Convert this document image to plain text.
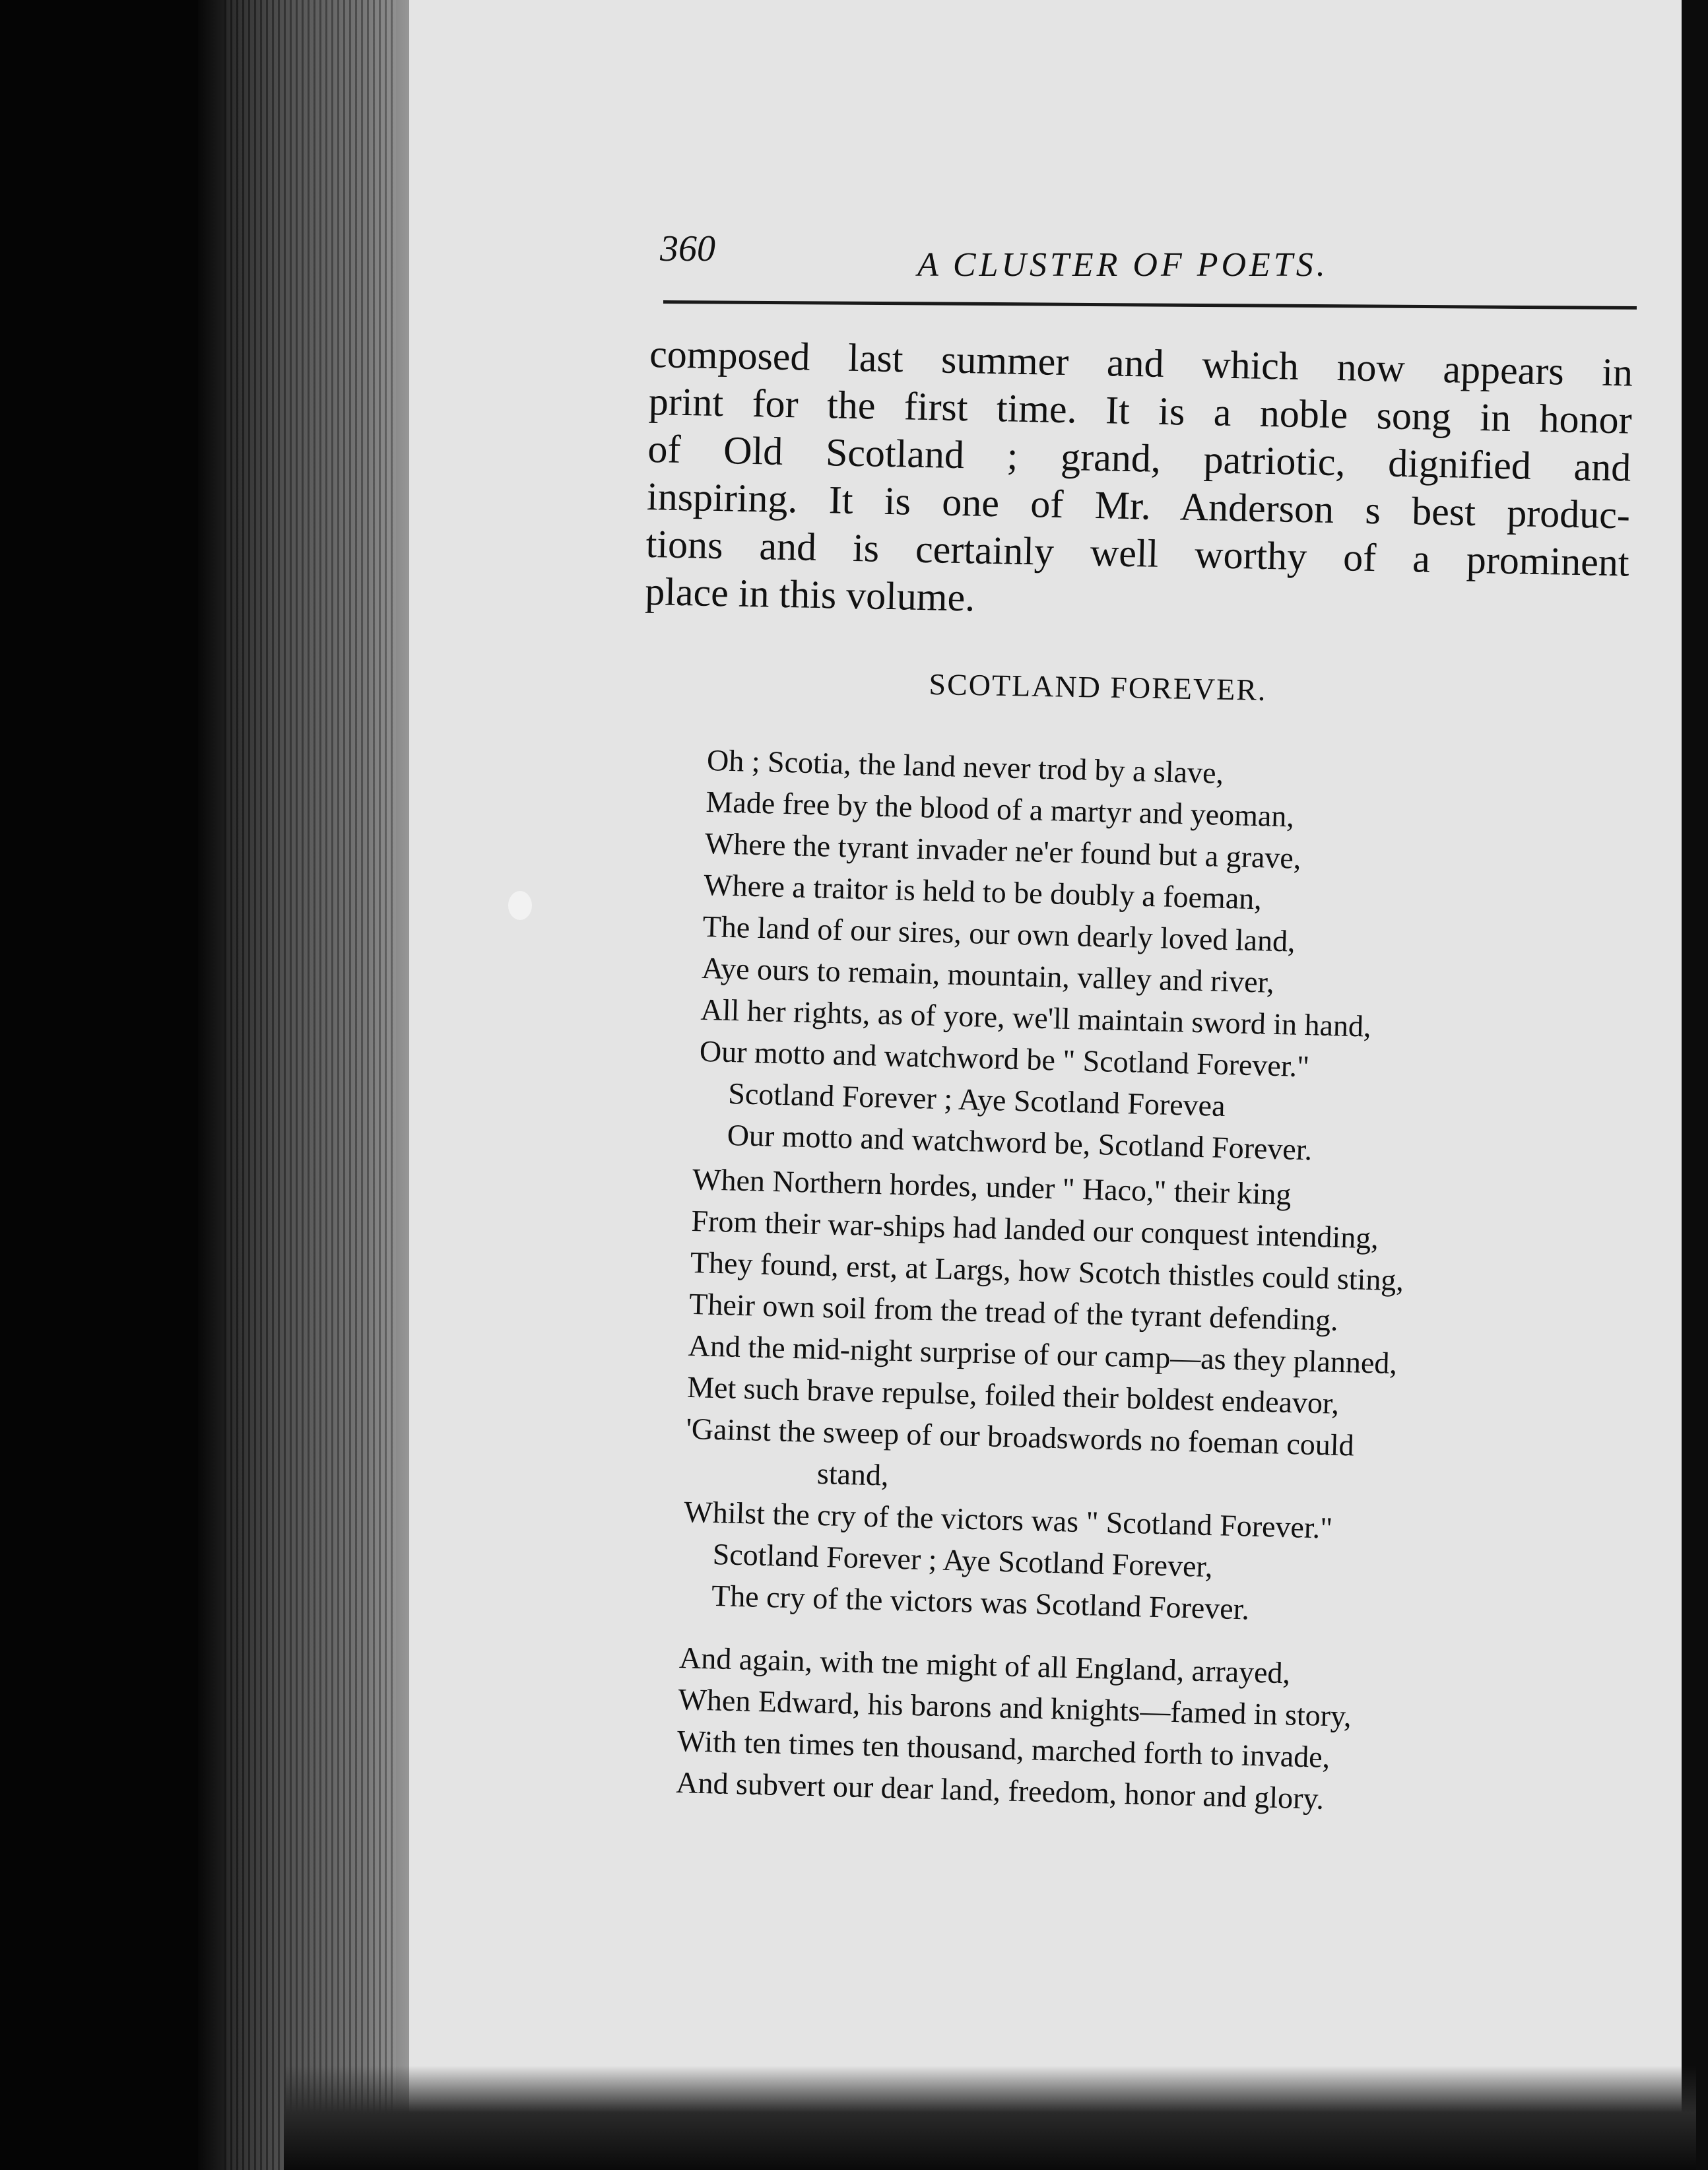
360	A CLUSTER OF POETS.
composed last summer and which now appears in
print for the first time. It is a noble song in honor
of Old Scotland ; grand, patriotic, dignified and
inspiring. It is one of Mr. Anderson s best produc-
tions and is certainly well worthy of a prominent
place in this volume.
SCOTLAND FOREVER.
Oh ; Scotia, the land never trod by a slave,
Made free by the blood of a martyr and yeoman,
Where the tyrant invader ne'er found but a grave,
Where a traitor is held to be doubly a foeman,
The land of our sires, our own dearly loved land,
Aye ours to remain, mountain, valley and river,
All her rights, as of yore, we'll maintain sword in hand,
Our motto and watchword be " Scotland Forever."
Scotland Forever ; Aye Scotland Forevea
Our motto and watchword be, Scotland Forever.
When Northern hordes, under " Haco," their king
From their war-ships had landed our conquest intending,
They found, erst, at Largs, how Scotch thistles could sting,
Their own soil from the tread of the tyrant defending.
And the mid-night surprise of our camp—as they planned,
Met such brave repulse, foiled their boldest endeavor,
'Gainst the sweep of our broadswords no foeman could
stand,
Whilst the cry of the victors was " Scotland Forever."
Scotland Forever ; Aye Scotland Forever,
The cry of the victors was Scotland Forever.
And again, with tne might of all England, arrayed,
When Edward, his barons and knights—famed in story,
With ten times ten thousand, marched forth to invade,
And subvert our dear land, freedom, honor and glory.
